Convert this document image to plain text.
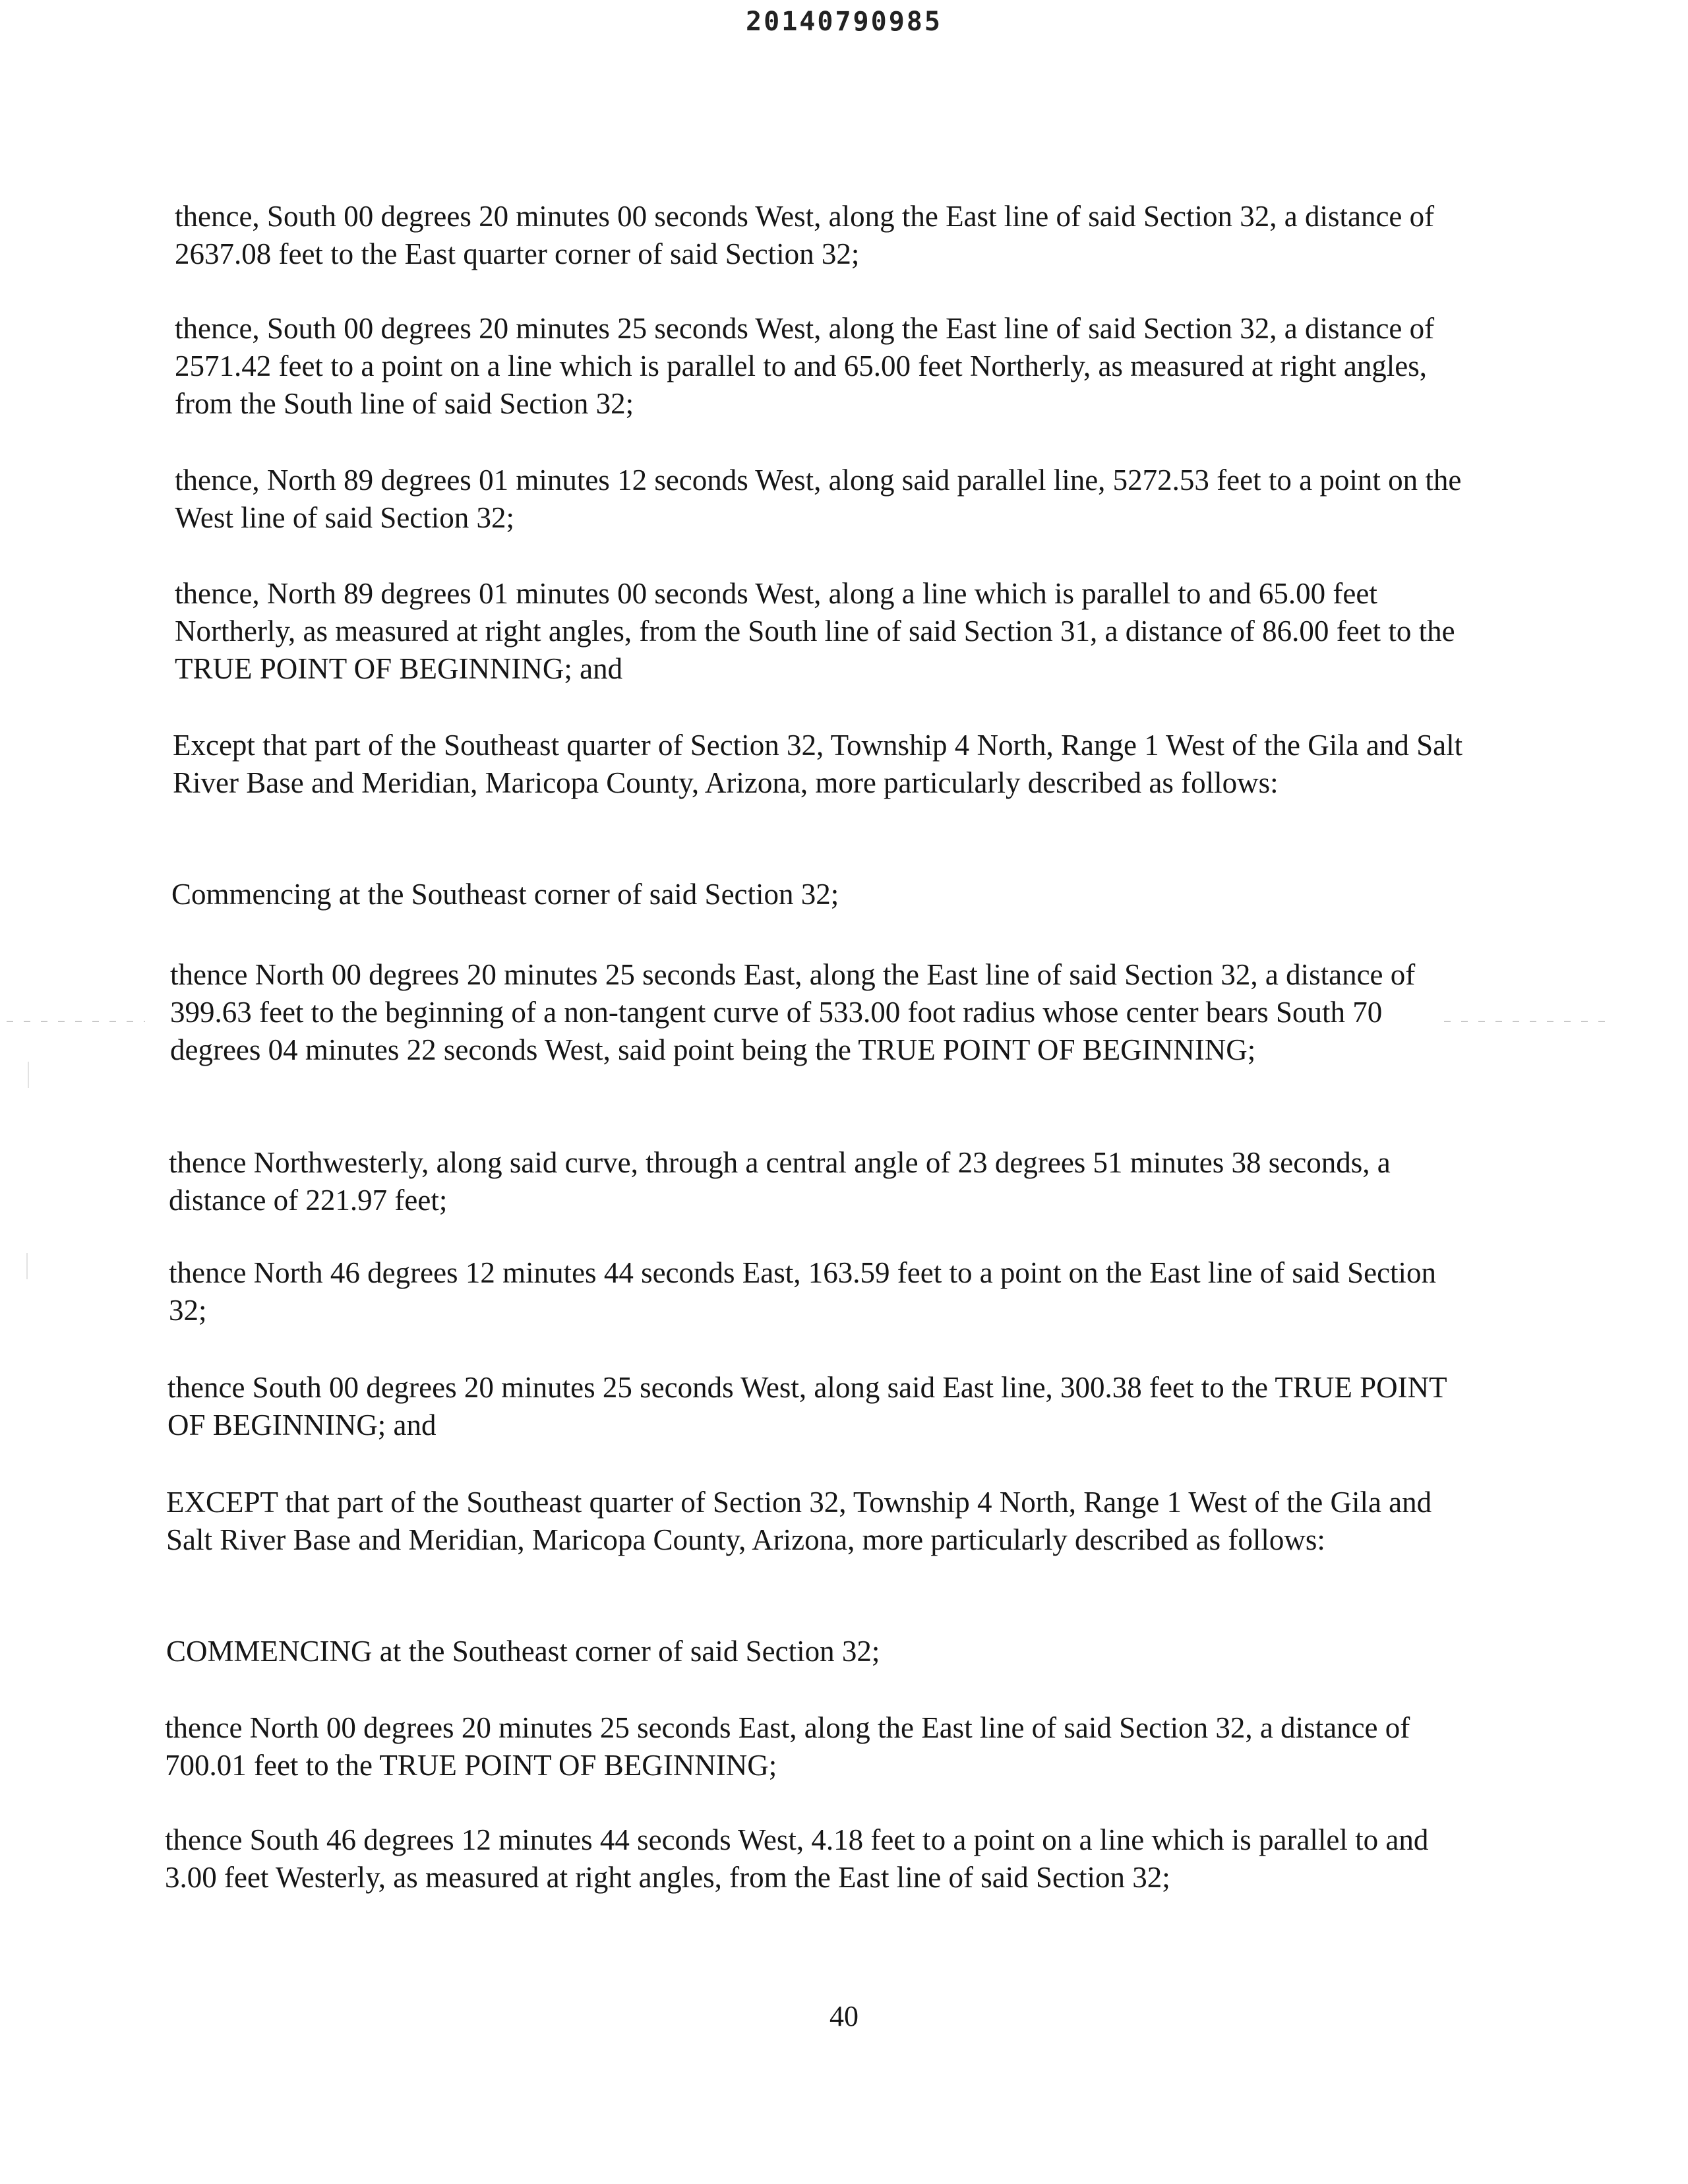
20140790985

thence, South 00 degrees 20 minutes 00 seconds West, along the East line of said Section 32, a distance of 2637.08 feet to the East quarter corner of said Section 32;

thence, South 00 degrees 20 minutes 25 seconds West, along the East line of said Section 32, a distance of 2571.42 feet to a point on a line which is parallel to and 65.00 feet Northerly, as measured at right angles, from the South line of said Section 32;

thence, North 89 degrees 01 minutes 12 seconds West, along said parallel line, 5272.53 feet to a point on the West line of said Section 32;

thence, North 89 degrees 01 minutes 00 seconds West, along a line which is parallel to and 65.00 feet Northerly, as measured at right angles, from the South line of said Section 31, a distance of 86.00 feet to the TRUE POINT OF BEGINNING; and

Except that part of the Southeast quarter of Section 32, Township 4 North, Range 1 West of the Gila and Salt River Base and Meridian, Maricopa County, Arizona, more particularly described as follows:

Commencing at the Southeast corner of said Section 32;

thence North 00 degrees 20 minutes 25 seconds East, along the East line of said Section 32, a distance of 399.63 feet to the beginning of a non-tangent curve of 533.00 foot radius whose center bears South 70 degrees 04 minutes 22 seconds West, said point being the TRUE POINT OF BEGINNING;

thence Northwesterly, along said curve, through a central angle of 23 degrees 51 minutes 38 seconds, a distance of 221.97 feet;

thence North 46 degrees 12 minutes 44 seconds East, 163.59 feet to a point on the East line of said Section 32;

thence South 00 degrees 20 minutes 25 seconds West, along said East line, 300.38 feet to the TRUE POINT OF BEGINNING; and

EXCEPT that part of the Southeast quarter of Section 32, Township 4 North, Range 1 West of the Gila and Salt River Base and Meridian, Maricopa County, Arizona, more particularly described as follows:

COMMENCING at the Southeast corner of said Section 32;

thence North 00 degrees 20 minutes 25 seconds East, along the East line of said Section 32, a distance of 700.01 feet to the TRUE POINT OF BEGINNING;

thence South 46 degrees 12 minutes 44 seconds West, 4.18 feet to a point on a line which is parallel to and 3.00 feet Westerly, as measured at right angles, from the East line of said Section 32;

40
